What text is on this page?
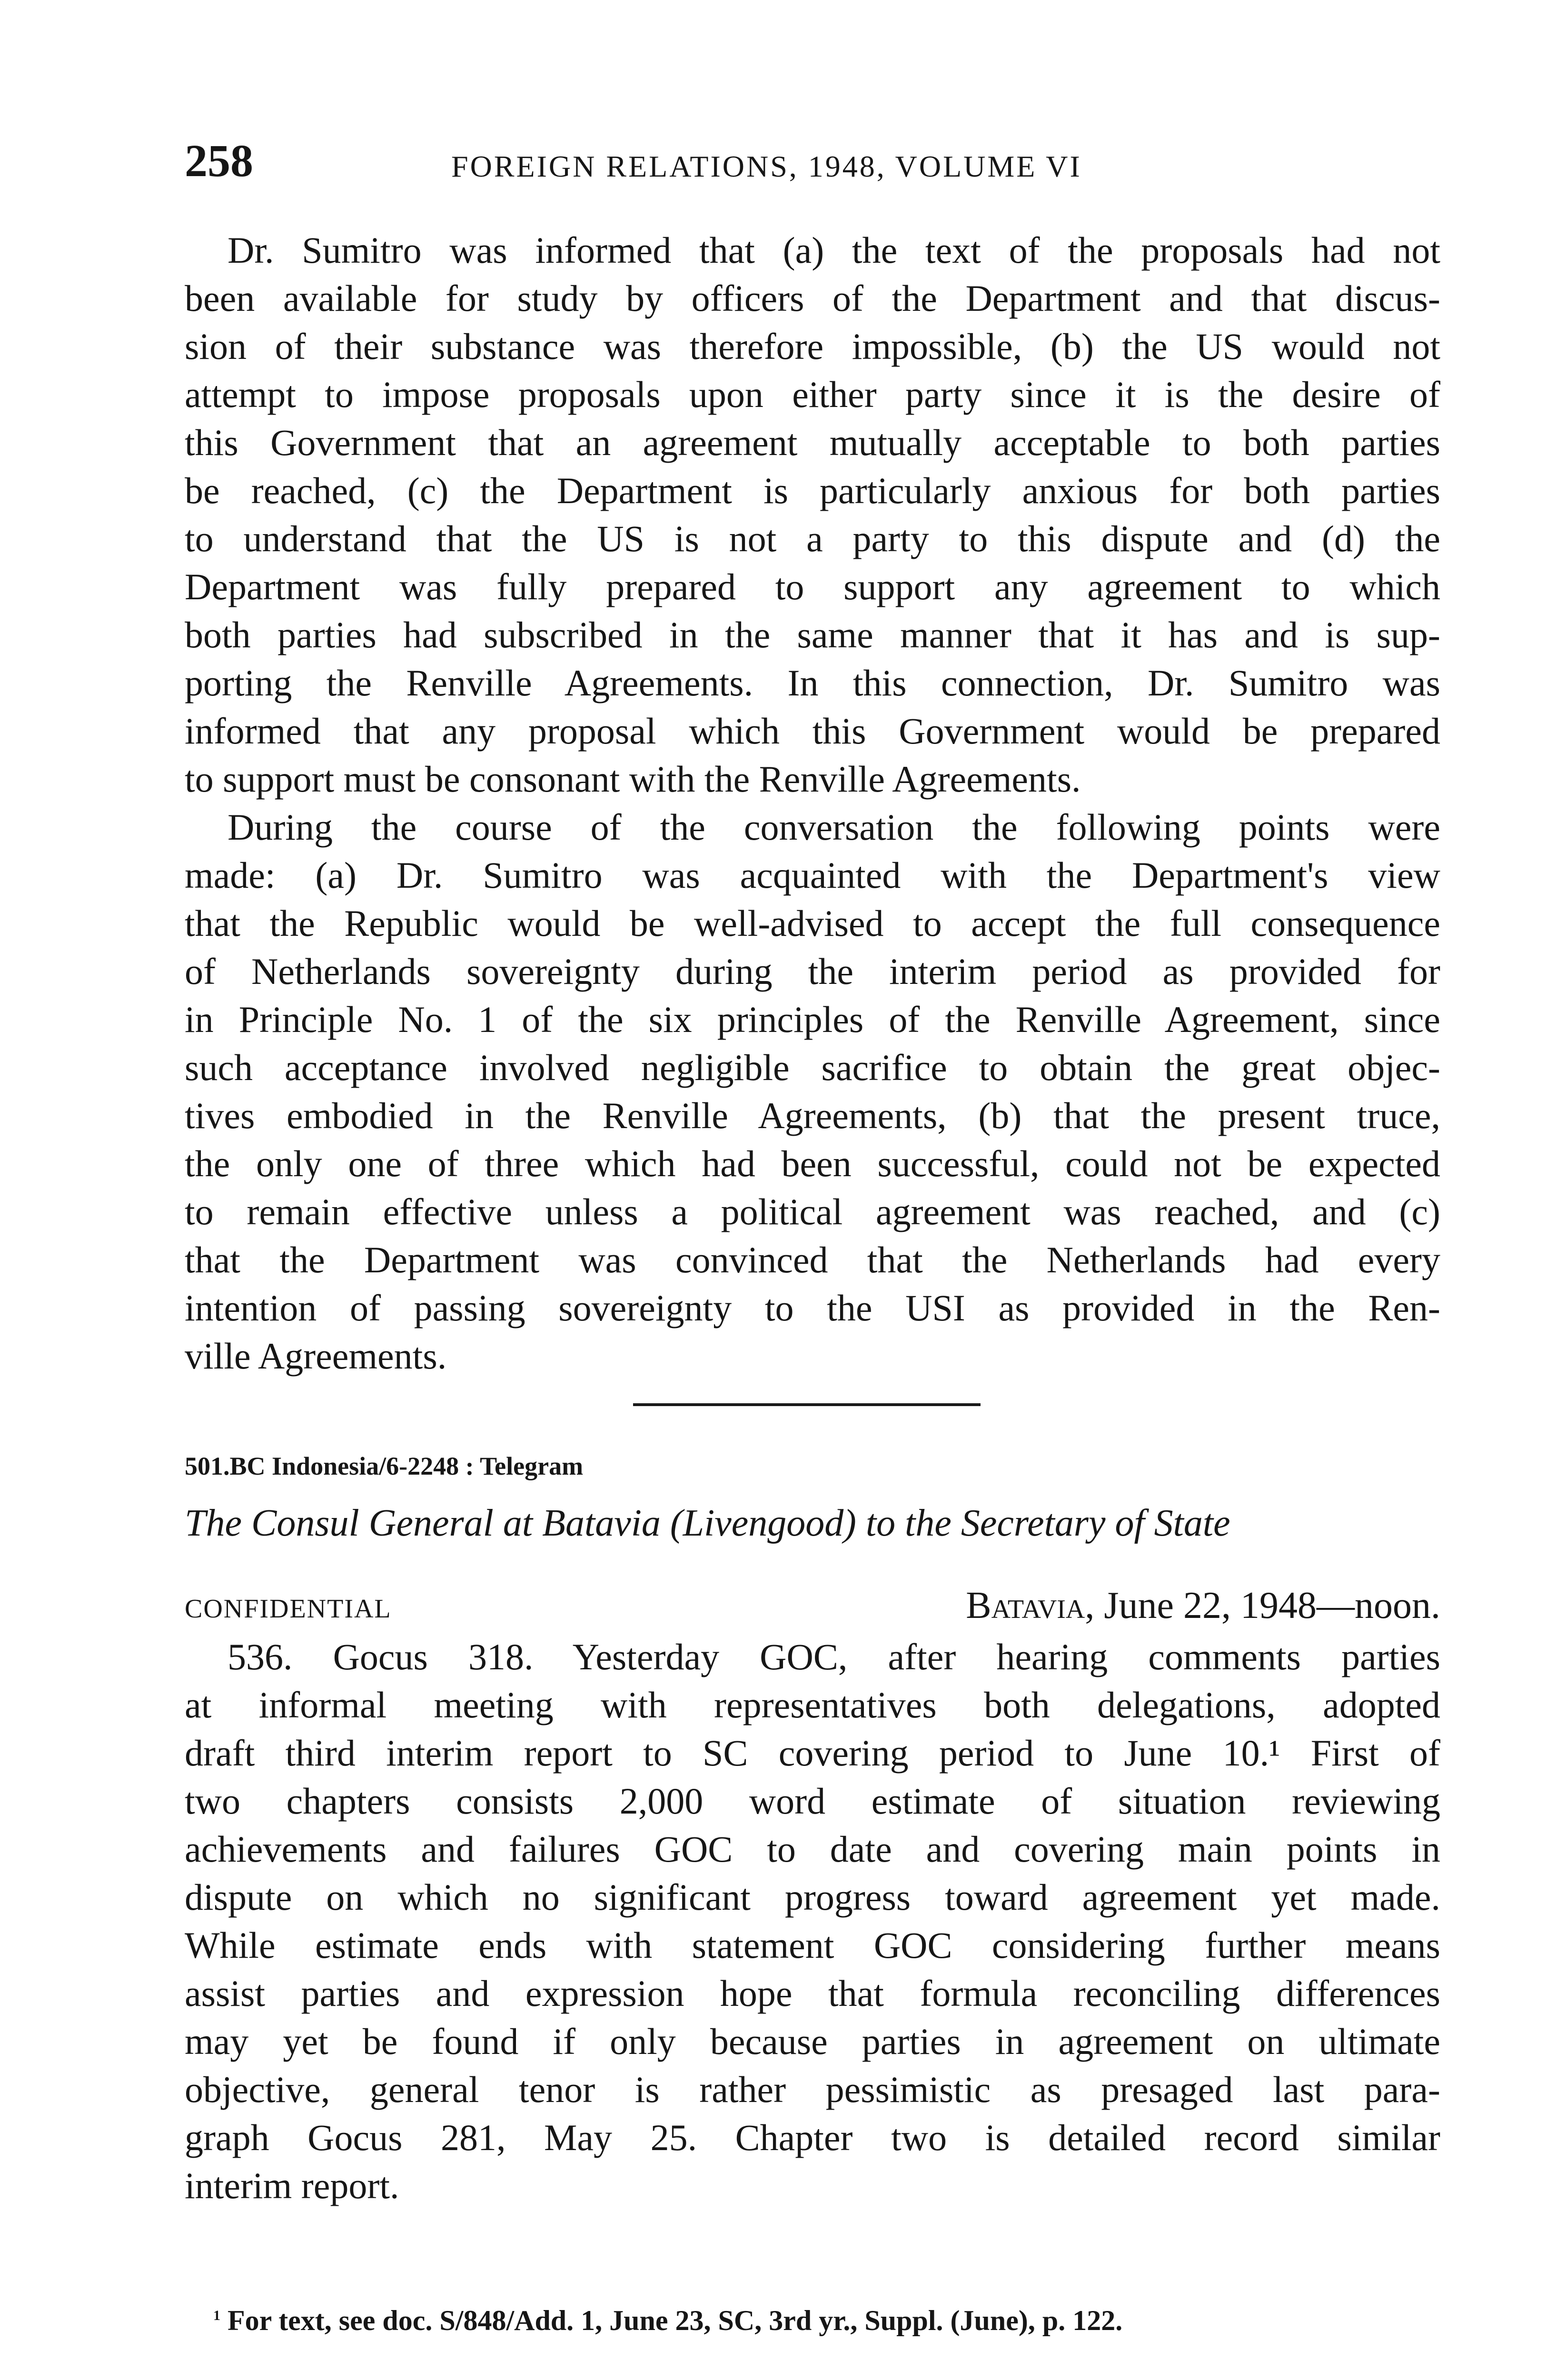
258	FOREIGN RELATIONS, 1948, VOLUME VI
Dr. Sumitro was informed that (a) the text of the proposals had not
been available for study by officers of the Department and that discus-
sion of their substance was therefore impossible, (b) the US would not
attempt to impose proposals upon either party since it is the desire of
this Government that an agreement mutually acceptable to both parties
be reached, (c) the Department is particularly anxious for both parties
to understand that the US is not a party to this dispute and (d) the
Department was fully prepared to support any agreement to which
both parties had subscribed in the same manner that it has and is sup-
porting the Renville Agreements. In this connection, Dr. Sumitro was
informed that any proposal which this Government would be prepared
to support must be consonant with the Renville Agreements.
During the course of the conversation the following points were
made: (a) Dr. Sumitro was acquainted with the Department's view
that the Republic would be well-advised to accept the full consequence
of Netherlands sovereignty during the interim period as provided for
in Principle No. 1 of the six principles of the Renville Agreement, since
such acceptance involved negligible sacrifice to obtain the great objec-
tives embodied in the Renville Agreements, (b) that the present truce,
the only one of three which had been successful, could not be expected
to remain effective unless a political agreement was reached, and (c)
that the Department was convinced that the Netherlands had every
intention of passing sovereignty to the USI as provided in the Ren-
ville Agreements.
501.BC Indonesia/6-2248 : Telegram
The Consul General at Batavia (Livengood) to the Secretary of State
CONFIDENTIAL	Batavia, June 22, 1948—noon.
536. Gocus 318. Yesterday GOC, after hearing comments parties
at informal meeting with representatives both delegations, adopted
draft third interim report to SC covering period to June 10.¹ First of
two chapters consists 2,000 word estimate of situation reviewing
achievements and failures GOC to date and covering main points in
dispute on which no significant progress toward agreement yet made.
While estimate ends with statement GOC considering further means
assist parties and expression hope that formula reconciling differences
may yet be found if only because parties in agreement on ultimate
objective, general tenor is rather pessimistic as presaged last para-
graph Gocus 281, May 25. Chapter two is detailed record similar
interim report.
$^1$ For text, see doc. S/848/Add. 1, June 23, SC, 3rd yr., Suppl. (June), p. 122.
